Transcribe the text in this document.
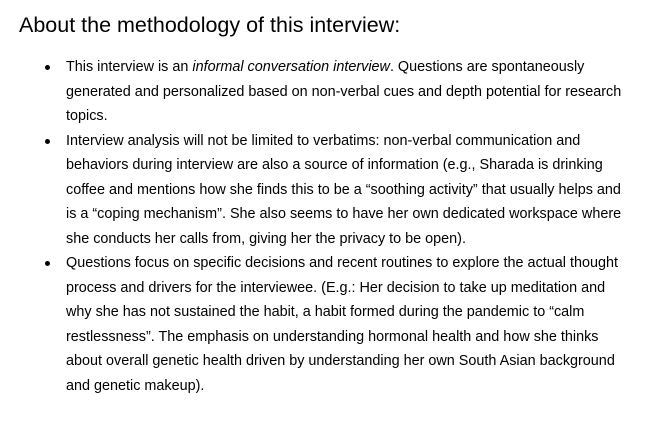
About the methodology of this interview:
This interview is an informal conversation interview. Questions are spontaneously generated and personalized based on non-verbal cues and depth potential for research topics.
Interview analysis will not be limited to verbatims: non-verbal communication and behaviors during interview are also a source of information (e.g., Sharada is drinking coffee and mentions how she finds this to be a “soothing activity” that usually helps and is a “coping mechanism”. She also seems to have her own dedicated workspace where she conducts her calls from, giving her the privacy to be open).
Questions focus on specific decisions and recent routines to explore the actual thought process and drivers for the interviewee. (E.g.: Her decision to take up meditation and why she has not sustained the habit, a habit formed during the pandemic to “calm restlessness”. The emphasis on understanding hormonal health and how she thinks about overall genetic health driven by understanding her own South Asian background and genetic makeup).
